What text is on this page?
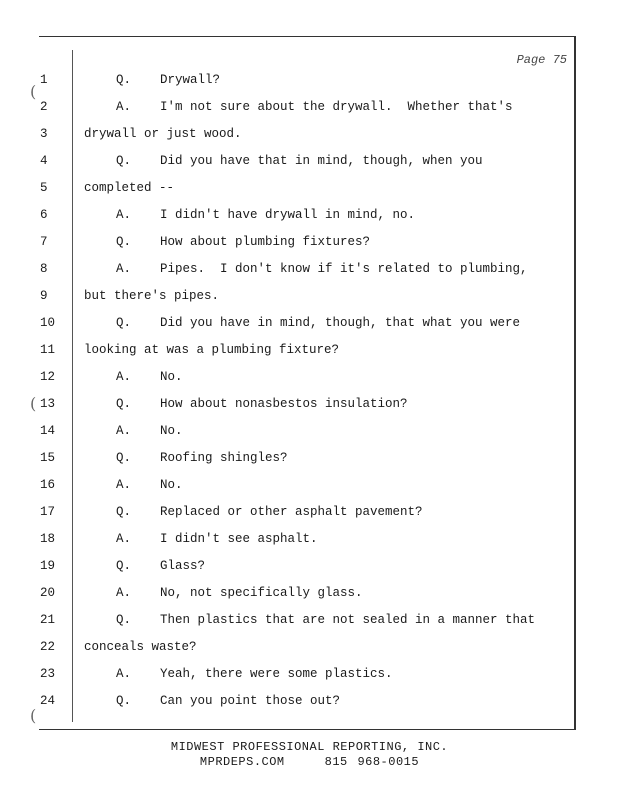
Page 75
(
(
(
1	Q. Drywall?
2	A. I'm not sure about the drywall.  Whether that's
3	drywall or just wood.
4	Q. Did you have that in mind, though, when you
5	completed --
6	A. I didn't have drywall in mind, no.
7	Q. How about plumbing fixtures?
8	A. Pipes.  I don't know if it's related to plumbing,
9	but there's pipes.
10	Q. Did you have in mind, though, that what you were
11	looking at was a plumbing fixture?
12	A. No.
13	Q. How about nonasbestos insulation?
14	A. No.
15	Q. Roofing shingles?
16	A. No.
17	Q. Replaced or other asphalt pavement?
18	A. I didn't see asphalt.
19	Q. Glass?
20	A. No, not specifically glass.
21	Q. Then plastics that are not sealed in a manner that
22	conceals waste?
23	A. Yeah, there were some plastics.
24	Q. Can you point those out?
MIDWEST PROFESSIONAL REPORTING, INC.
MPRDEPS.COM	815 968-0015
